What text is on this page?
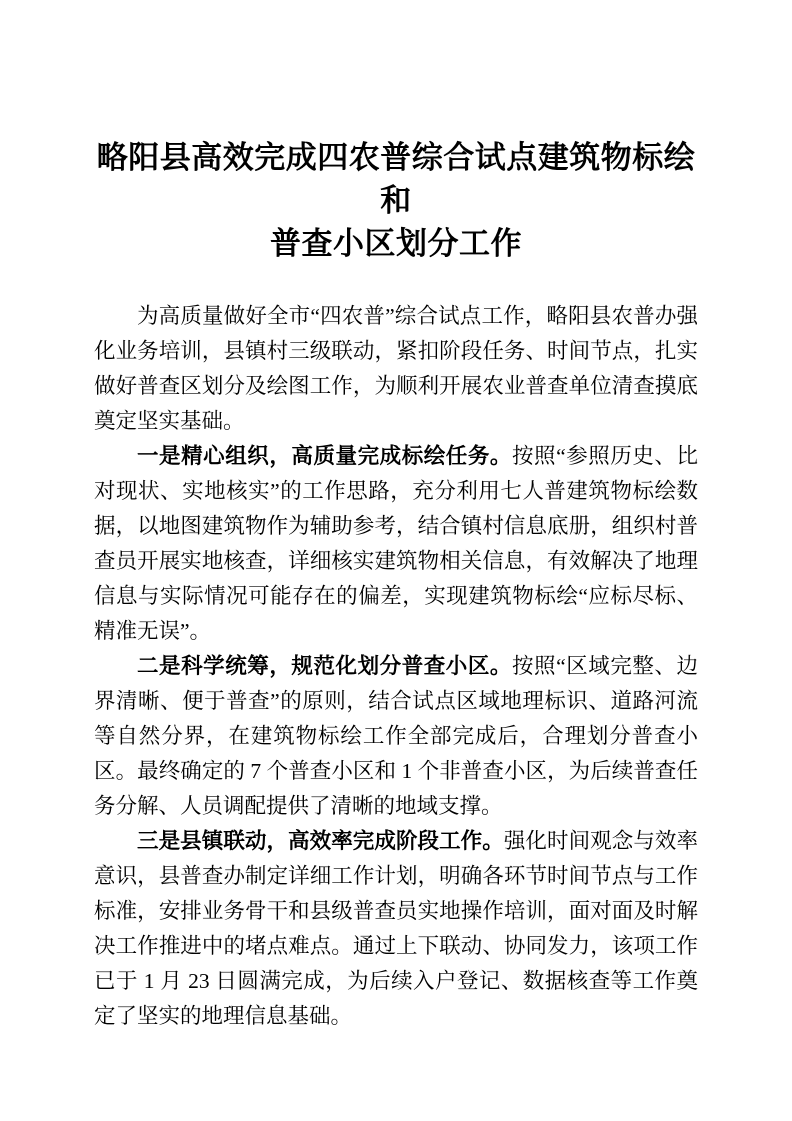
略阳县高效完成四农普综合试点建筑物标绘和
普查小区划分工作

为高质量做好全市“四农普”综合试点工作，略阳县农普办强化业务培训，县镇村三级联动，紧扣阶段任务、时间节点，扎实做好普查区划分及绘图工作，为顺利开展农业普查单位清查摸底奠定坚实基础。

一是精心组织，高质量完成标绘任务。按照“参照历史、比对现状、实地核实”的工作思路，充分利用七人普建筑物标绘数据，以地图建筑物作为辅助参考，结合镇村信息底册，组织村普查员开展实地核查，详细核实建筑物相关信息，有效解决了地理信息与实际情况可能存在的偏差，实现建筑物标绘“应标尽标、精准无误”。

二是科学统筹，规范化划分普查小区。按照“区域完整、边界清晰、便于普查”的原则，结合试点区域地理标识、道路河流等自然分界，在建筑物标绘工作全部完成后，合理划分普查小区。最终确定的 7 个普查小区和 1 个非普查小区，为后续普查任务分解、人员调配提供了清晰的地域支撑。

三是县镇联动，高效率完成阶段工作。强化时间观念与效率意识，县普查办制定详细工作计划，明确各环节时间节点与工作标准，安排业务骨干和县级普查员实地操作培训，面对面及时解决工作推进中的堵点难点。通过上下联动、协同发力，该项工作已于 1 月 23 日圆满完成，为后续入户登记、数据核查等工作奠定了坚实的地理信息基础。
